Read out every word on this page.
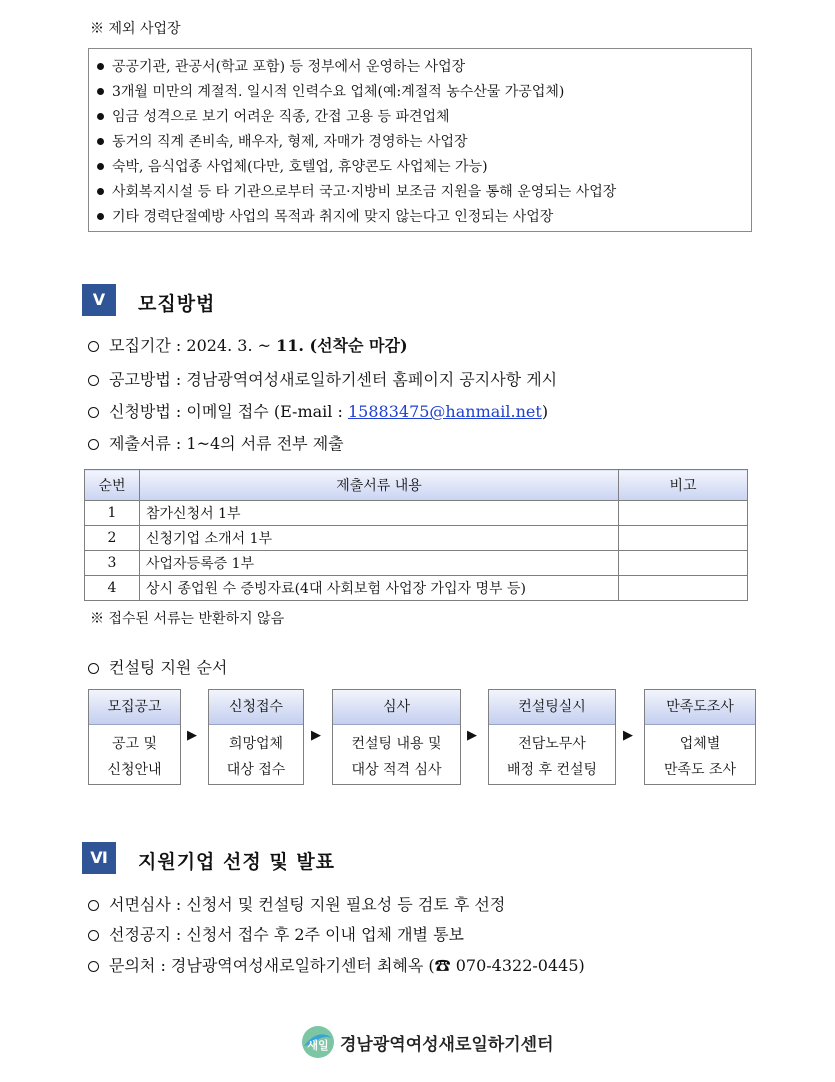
※ 제외 사업장
공공기관, 관공서(학교 포함) 등 정부에서 운영하는 사업장
3개월 미만의 계절적. 일시적 인력수요 업체(예:계절적 농수산물 가공업체)
임금 성격으로 보기 어려운 직종, 간접 고용 등 파견업체
동거의 직계 존비속, 배우자, 형제, 자매가 경영하는 사업장
숙박, 음식업종 사업체(다만, 호텔업, 휴양콘도 사업체는 가능)
사회복지시설 등 타 기관으로부터 국고·지방비 보조금 지원을 통해 운영되는 사업장
기타 경력단절예방 사업의 목적과 취지에 맞지 않는다고 인정되는 사업장
Ⅴ	모집방법
모집기간 : 2024. 3. ~ 11. (선착순 마감)
공고방법 : 경남광역여성새로일하기센터 홈페이지 공지사항 게시
신청방법 : 이메일 접수 (E-mail : 15883475@hanmail.net)
제출서류 : 1~4의 서류 전부 제출
순번	제출서류 내용	비고
1	참가신청서 1부	
2	신청기업 소개서 1부	
3	사업자등록증 1부	
4	상시 종업원 수 증빙자료(4대 사회보험 사업장 가입자 명부 등)	
※ 접수된 서류는 반환하지 않음
컨설팅 지원 순서
모집공고
공고 및
신청안내
▶
신청접수
희망업체
대상 접수
▶
심사
컨설팅 내용 및
대상 적격 심사
▶
컨설팅실시
전담노무사
배정 후 컨설팅
▶
만족도조사
업체별
만족도 조사
Ⅵ	지원기업 선정 및 발표
서면심사 : 신청서 및 컨설팅 지원 필요성 등 검토 후 선정
선정공지 : 신청서 접수 후 2주 이내 업체 개별 통보
문의처 : 경남광역여성새로일하기센터 최혜옥 (☎ 070-4322-0445)
새일 경남광역여성새로일하기센터
